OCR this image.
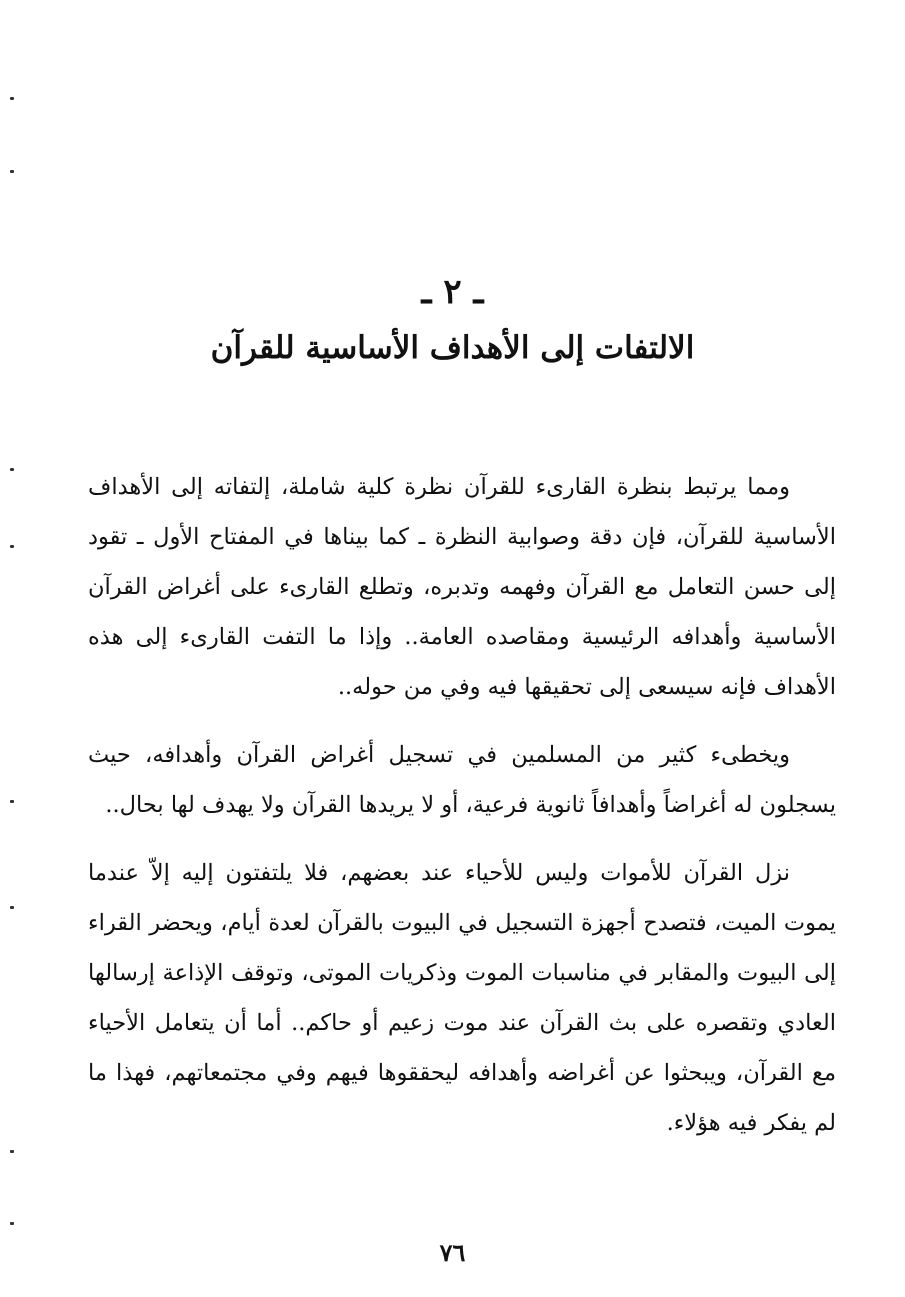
ـ ٢ ـ
الالتفات إلى الأهداف الأساسية للقرآن

ومما يرتبط بنظرة القارىء للقرآن نظرة كلية شاملة، إلتفاته إلى الأهداف الأساسية للقرآن، فإن دقة وصوابية النظرة ـ كما بيناها في المفتاح الأول ـ تقود إلى حسن التعامل مع القرآن وفهمه وتدبره، وتطلع القارىء على أغراض القرآن الأساسية وأهدافه الرئيسية ومقاصده العامة.. وإذا ما التفت القارىء إلى هذه الأهداف فإنه سيسعى إلى تحقيقها فيه وفي من حوله..

ويخطىء كثير من المسلمين في تسجيل أغراض القرآن وأهدافه، حيث يسجلون له أغراضاً وأهدافاً ثانوية فرعية، أو لا يريدها القرآن ولا يهدف لها بحال..

نزل القرآن للأموات وليس للأحياء عند بعضهم، فلا يلتفتون إليه إلاّ عندما يموت الميت، فتصدح أجهزة التسجيل في البيوت بالقرآن لعدة أيام، ويحضر القراء إلى البيوت والمقابر في مناسبات الموت وذكريات الموتى، وتوقف الإذاعة إرسالها العادي وتقصره على بث القرآن عند موت زعيم أو حاكم.. أما أن يتعامل الأحياء مع القرآن، ويبحثوا عن أغراضه وأهدافه ليحققوها فيهم وفي مجتمعاتهم، فهذا ما لم يفكر فيه هؤلاء.

٧٦
